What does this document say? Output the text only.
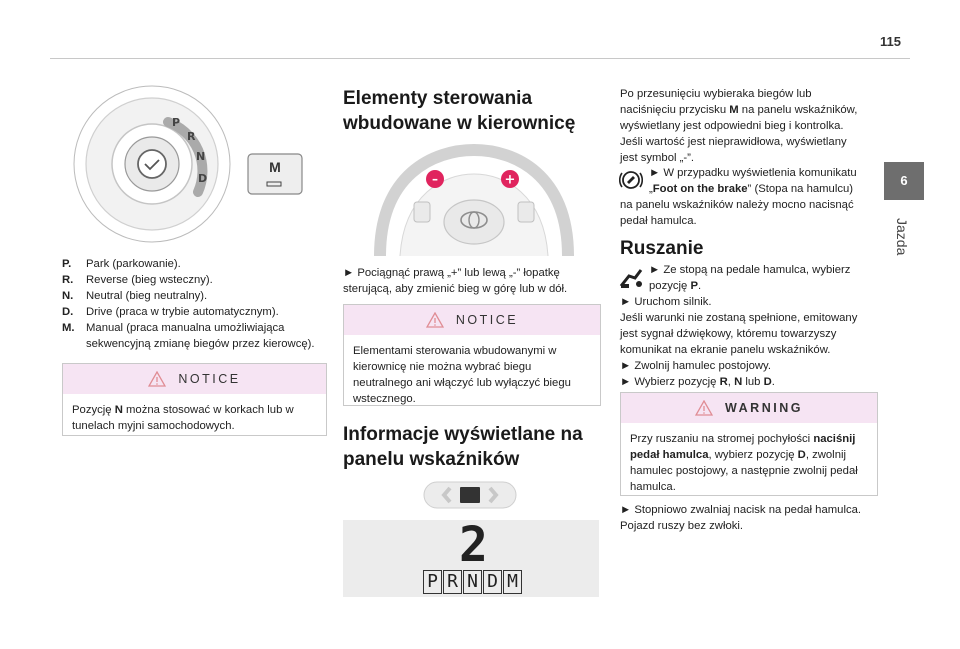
115
6
Jazda
P
R
N
D
M
P.	Park (parkowanie).
R.	Reverse (bieg wsteczny).
N.	Neutral (bieg neutralny).
D.	Drive (praca w trybie automatycznym).
M.	Manual (praca manualna umożliwiająca sekwencyjną zmianę biegów przez kierowcę).
NOTICE
Pozycję N można stosować w korkach lub w
tunelach myjni samochodowych.
Elementy sterowania
wbudowane w kierownicę
–	+
► Pociągnąć prawą „+” lub lewą „-” łopatkę
sterującą, aby zmienić bieg w górę lub w dół.
NOTICE
Elementami sterowania wbudowanymi w
kierownicę nie można wybrać biegu
neutralnego ani włączyć lub wyłączyć biegu
wstecznego.
Informacje wyświetlane na
panelu wskaźników
2
P R N D M
Po przesunięciu wybieraka biegów lub
naciśnięciu przycisku M na panelu wskaźników,
wyświetlany jest odpowiedni bieg i kontrolka.
Jeśli wartość jest nieprawidłowa, wyświetlany
jest symbol „-”.
► W przypadku wyświetlenia komunikatu
„Foot on the brake” (Stopa na hamulcu)
na panelu wskaźników należy mocno nacisnąć
pedał hamulca.
Ruszanie
► Ze stopą na pedale hamulca, wybierz
pozycję P.
► Uruchom silnik.
Jeśli warunki nie zostaną spełnione, emitowany
jest sygnał dźwiękowy, któremu towarzyszy
komunikat na ekranie panelu wskaźników.
► Zwolnij hamulec postojowy.
► Wybierz pozycję R, N lub D.
WARNING
Przy ruszaniu na stromej pochyłości naciśnij
pedał hamulca, wybierz pozycję D, zwolnij
hamulec postojowy, a następnie zwolnij pedał
hamulca.
► Stopniowo zwalniaj nacisk na pedał hamulca.
Pojazd ruszy bez zwłoki.
